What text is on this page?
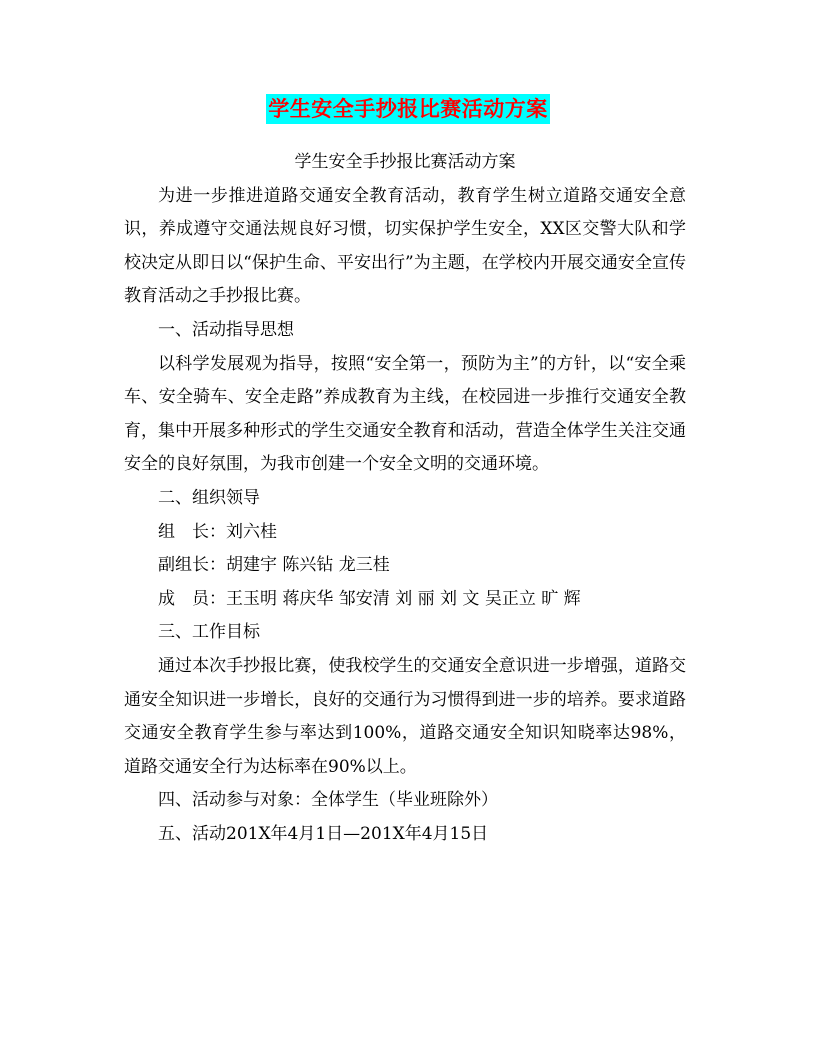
学生安全手抄报比赛活动方案

学生安全手抄报比赛活动方案

为进一步推进道路交通安全教育活动，教育学生树立道路交通安全意识，养成遵守交通法规良好习惯，切实保护学生安全，XX区交警大队和学校决定从即日以“保护生命、平安出行”为主题，在学校内开展交通安全宣传教育活动之手抄报比赛。

一、活动指导思想

以科学发展观为指导，按照“安全第一，预防为主”的方针，以“安全乘车、安全骑车、安全走路”养成教育为主线，在校园进一步推行交通安全教育，集中开展多种形式的学生交通安全教育和活动，营造全体学生关注交通安全的良好氛围，为我市创建一个安全文明的交通环境。

二、组织领导

组　长：刘六桂

副组长：胡建宇 陈兴钻 龙三桂

成　员：王玉明 蒋庆华 邹安清 刘 丽 刘 文 吴正立 旷 辉

三、工作目标

通过本次手抄报比赛，使我校学生的交通安全意识进一步增强，道路交通安全知识进一步增长，良好的交通行为习惯得到进一步的培养。要求道路交通安全教育学生参与率达到100%，道路交通安全知识知晓率达98%，道路交通安全行为达标率在90%以上。

四、活动参与对象：全体学生（毕业班除外）

五、活动201X年4月1日—201X年4月15日
